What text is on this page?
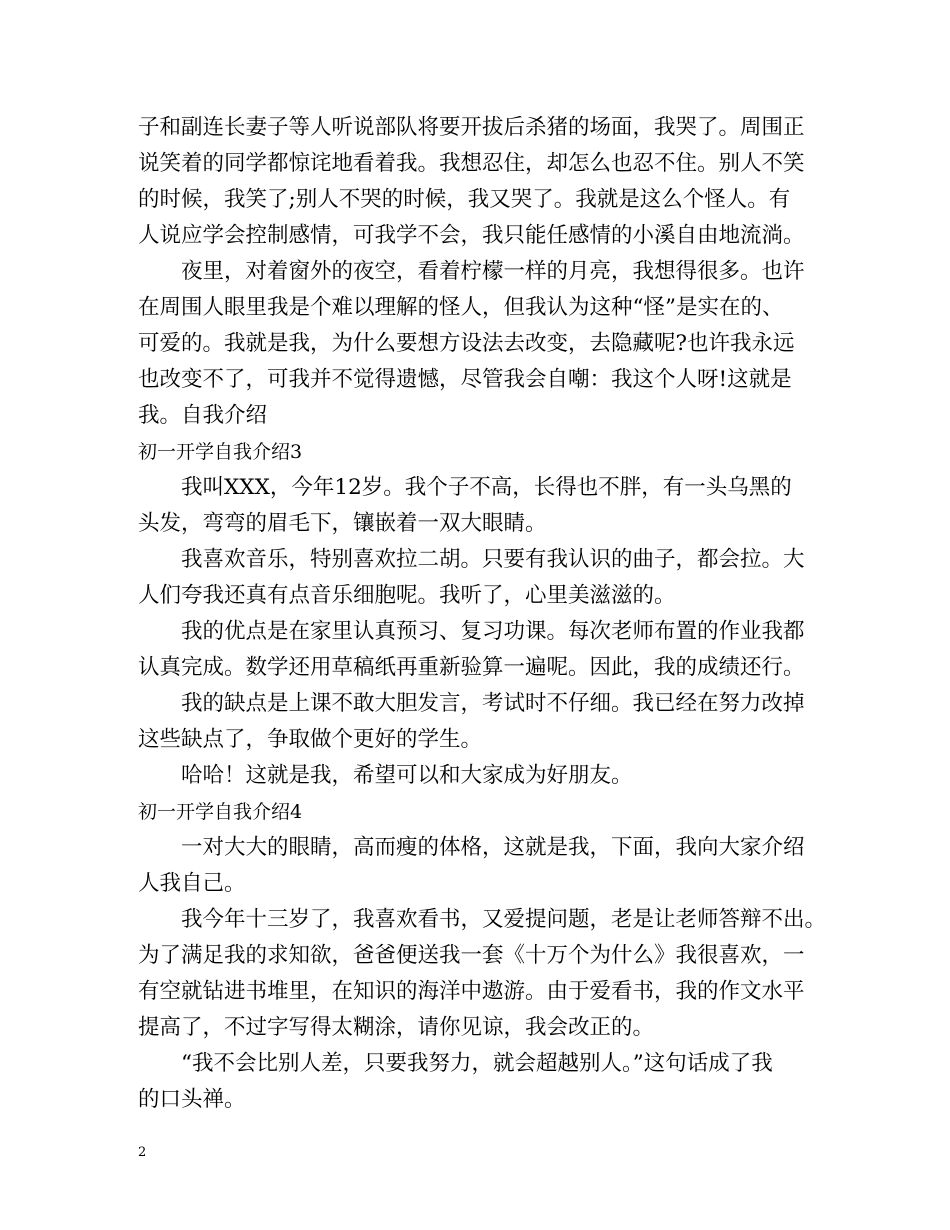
子和副连长妻子等人听说部队将要开拔后杀猪的场面，我哭了。周围正
说笑着的同学都惊诧地看着我。我想忍住，却怎么也忍不住。别人不笑
的时候，我笑了;别人不哭的时候，我又哭了。我就是这么个怪人。有
人说应学会控制感情，可我学不会，我只能任感情的小溪自由地流淌。
夜里，对着窗外的夜空，看着柠檬一样的月亮，我想得很多。也许
在周围人眼里我是个难以理解的怪人，但我认为这种“怪”是实在的、
可爱的。我就是我，为什么要想方设法去改变，去隐藏呢?也许我永远
也改变不了，可我并不觉得遗憾，尽管我会自嘲：我这个人呀!这就是
我。自我介绍
初一开学自我介绍3
我叫XXX，今年12岁。我个子不高，长得也不胖，有一头乌黑的
头发，弯弯的眉毛下，镶嵌着一双大眼睛。
我喜欢音乐，特别喜欢拉二胡。只要有我认识的曲子，都会拉。大
人们夸我还真有点音乐细胞呢。我听了，心里美滋滋的。
我的优点是在家里认真预习、复习功课。每次老师布置的作业我都
认真完成。数学还用草稿纸再重新验算一遍呢。因此，我的成绩还行。
我的缺点是上课不敢大胆发言，考试时不仔细。我已经在努力改掉
这些缺点了，争取做个更好的学生。
哈哈！这就是我，希望可以和大家成为好朋友。
初一开学自我介绍4
一对大大的眼睛，高而瘦的体格，这就是我，下面，我向大家介绍
人我自己。
我今年十三岁了，我喜欢看书，又爱提问题，老是让老师答辩不出。
为了满足我的求知欲，爸爸便送我一套《十万个为什么》我很喜欢，一
有空就钻进书堆里，在知识的海洋中遨游。由于爱看书，我的作文水平
提高了，不过字写得太糊涂，请你见谅，我会改正的。
“我不会比别人差，只要我努力，就会超越别人。”这句话成了我
的口头禅。
2
